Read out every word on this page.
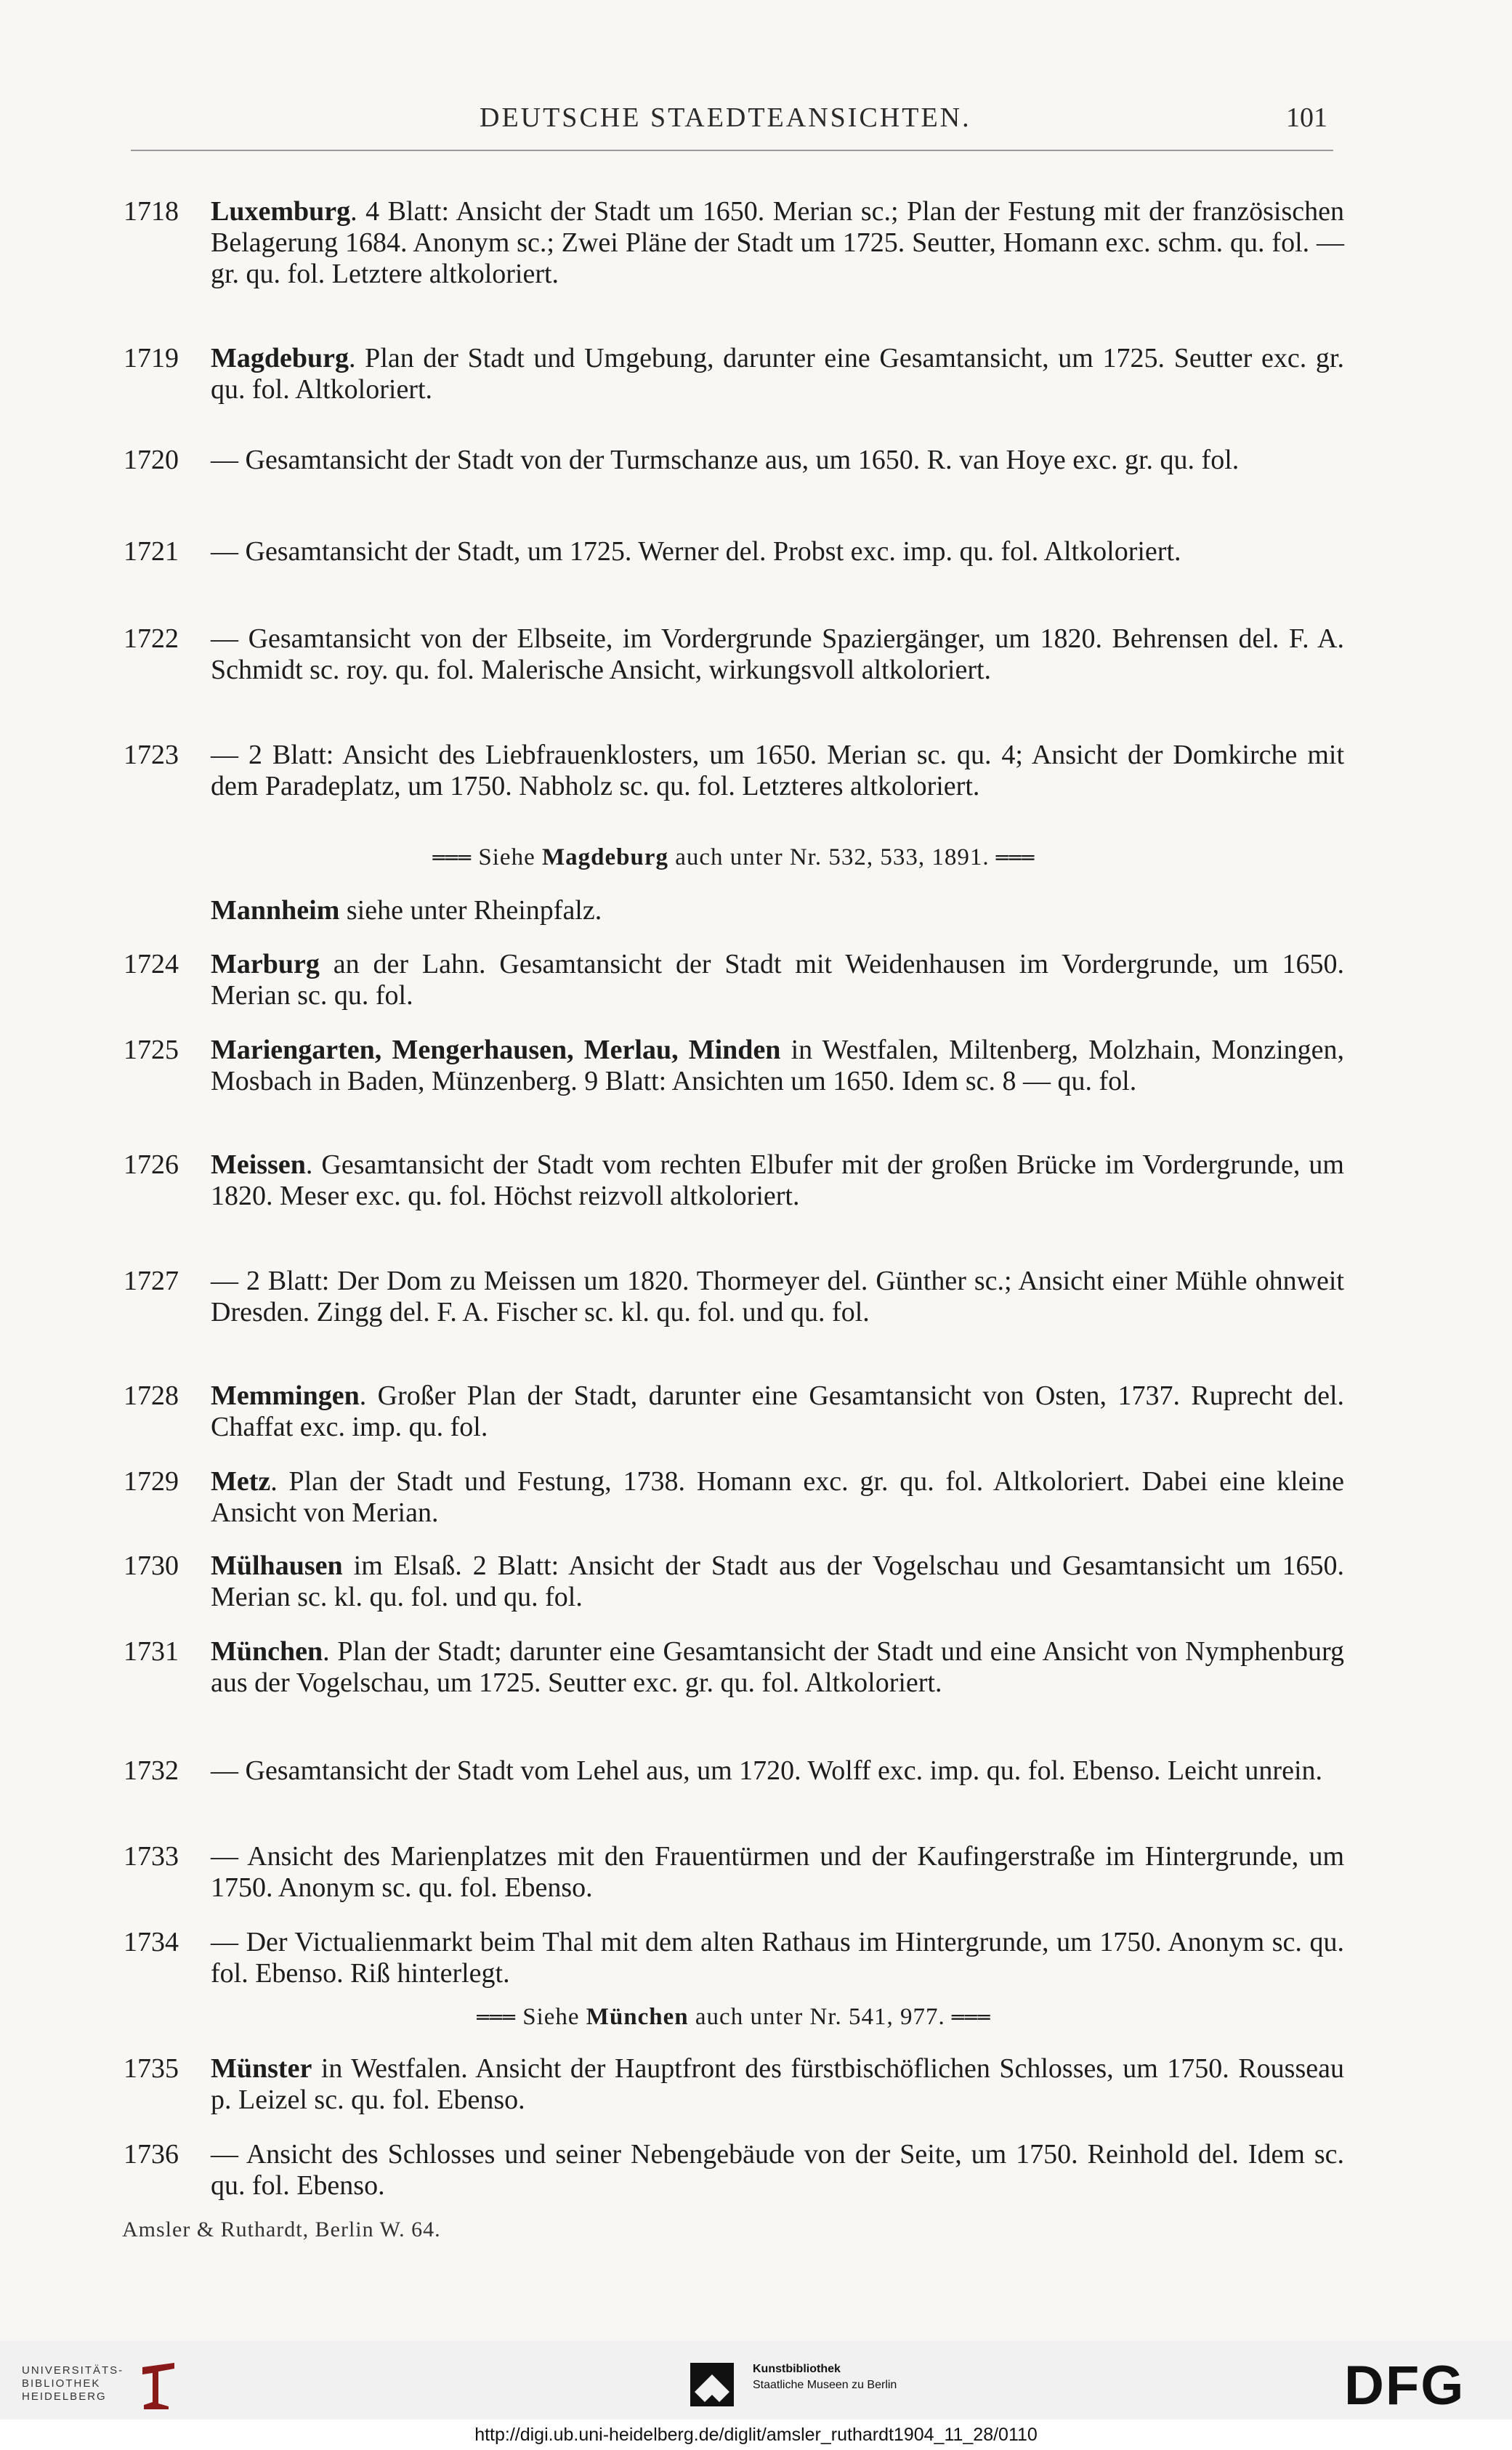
DEUTSCHE STAEDTEANSICHTEN.	101
1718	Luxemburg. 4 Blatt: Ansicht der Stadt um 1650. Merian sc.; Plan der Festung mit der französischen Belagerung 1684. Anonym sc.; Zwei Pläne der Stadt um 1725. Seutter, Homann exc. schm. qu. fol. — gr. qu. fol. Letztere altkoloriert.
1719	Magdeburg. Plan der Stadt und Umgebung, darunter eine Gesamtansicht, um 1725. Seutter exc. gr. qu. fol. Altkoloriert.
1720	— Gesamtansicht der Stadt von der Turmschanze aus, um 1650. R. van Hoye exc. gr. qu. fol.
1721	— Gesamtansicht der Stadt, um 1725. Werner del. Probst exc. imp. qu. fol. Altkoloriert.
1722	— Gesamtansicht von der Elbseite, im Vordergrunde Spaziergänger, um 1820. Behrensen del. F. A. Schmidt sc. roy. qu. fol. Malerische Ansicht, wirkungsvoll altkoloriert.
1723	— 2 Blatt: Ansicht des Liebfrauenklosters, um 1650. Merian sc. qu. 4; Ansicht der Domkirche mit dem Paradeplatz, um 1750. Nabholz sc. qu. fol. Letzteres altkoloriert.
═══ Siehe Magdeburg auch unter Nr. 532, 533, 1891. ═══
Mannheim siehe unter Rheinpfalz.
1724	Marburg an der Lahn. Gesamtansicht der Stadt mit Weidenhausen im Vordergrunde, um 1650. Merian sc. qu. fol.
1725	Mariengarten, Mengerhausen, Merlau, Minden in Westfalen, Miltenberg, Molzhain, Monzingen, Mosbach in Baden, Münzenberg. 9 Blatt: Ansichten um 1650. Idem sc. 8 — qu. fol.
1726	Meissen. Gesamtansicht der Stadt vom rechten Elbufer mit der großen Brücke im Vordergrunde, um 1820. Meser exc. qu. fol. Höchst reizvoll altkoloriert.
1727	— 2 Blatt: Der Dom zu Meissen um 1820. Thormeyer del. Günther sc.; Ansicht einer Mühle ohnweit Dresden. Zingg del. F. A. Fischer sc. kl. qu. fol. und qu. fol.
1728	Memmingen. Großer Plan der Stadt, darunter eine Gesamtansicht von Osten, 1737. Ruprecht del. Chaffat exc. imp. qu. fol.
1729	Metz. Plan der Stadt und Festung, 1738. Homann exc. gr. qu. fol. Altkoloriert. Dabei eine kleine Ansicht von Merian.
1730	Mülhausen im Elsaß. 2 Blatt: Ansicht der Stadt aus der Vogelschau und Gesamtansicht um 1650. Merian sc. kl. qu. fol. und qu. fol.
1731	München. Plan der Stadt; darunter eine Gesamtansicht der Stadt und eine Ansicht von Nymphenburg aus der Vogelschau, um 1725. Seutter exc. gr. qu. fol. Altkoloriert.
1732	— Gesamtansicht der Stadt vom Lehel aus, um 1720. Wolff exc. imp. qu. fol. Ebenso. Leicht unrein.
1733	— Ansicht des Marienplatzes mit den Frauentürmen und der Kaufingerstraße im Hintergrunde, um 1750. Anonym sc. qu. fol. Ebenso.
1734	— Der Victualienmarkt beim Thal mit dem alten Rathaus im Hintergrunde, um 1750. Anonym sc. qu. fol. Ebenso. Riß hinterlegt.
═══ Siehe München auch unter Nr. 541, 977. ═══
1735	Münster in Westfalen. Ansicht der Hauptfront des fürstbischöflichen Schlosses, um 1750. Rousseau p. Leizel sc. qu. fol. Ebenso.
1736	— Ansicht des Schlosses und seiner Nebengebäude von der Seite, um 1750. Reinhold del. Idem sc. qu. fol. Ebenso.
Amsler & Ruthardt, Berlin W. 64.
UNIVERSITÄTS-
BIBLIOTHEK
HEIDELBERG
Kunstbibliothek
Staatliche Museen zu Berlin	DFG
http://digi.ub.uni-heidelberg.de/diglit/amsler_ruthardt1904_11_28/0110
